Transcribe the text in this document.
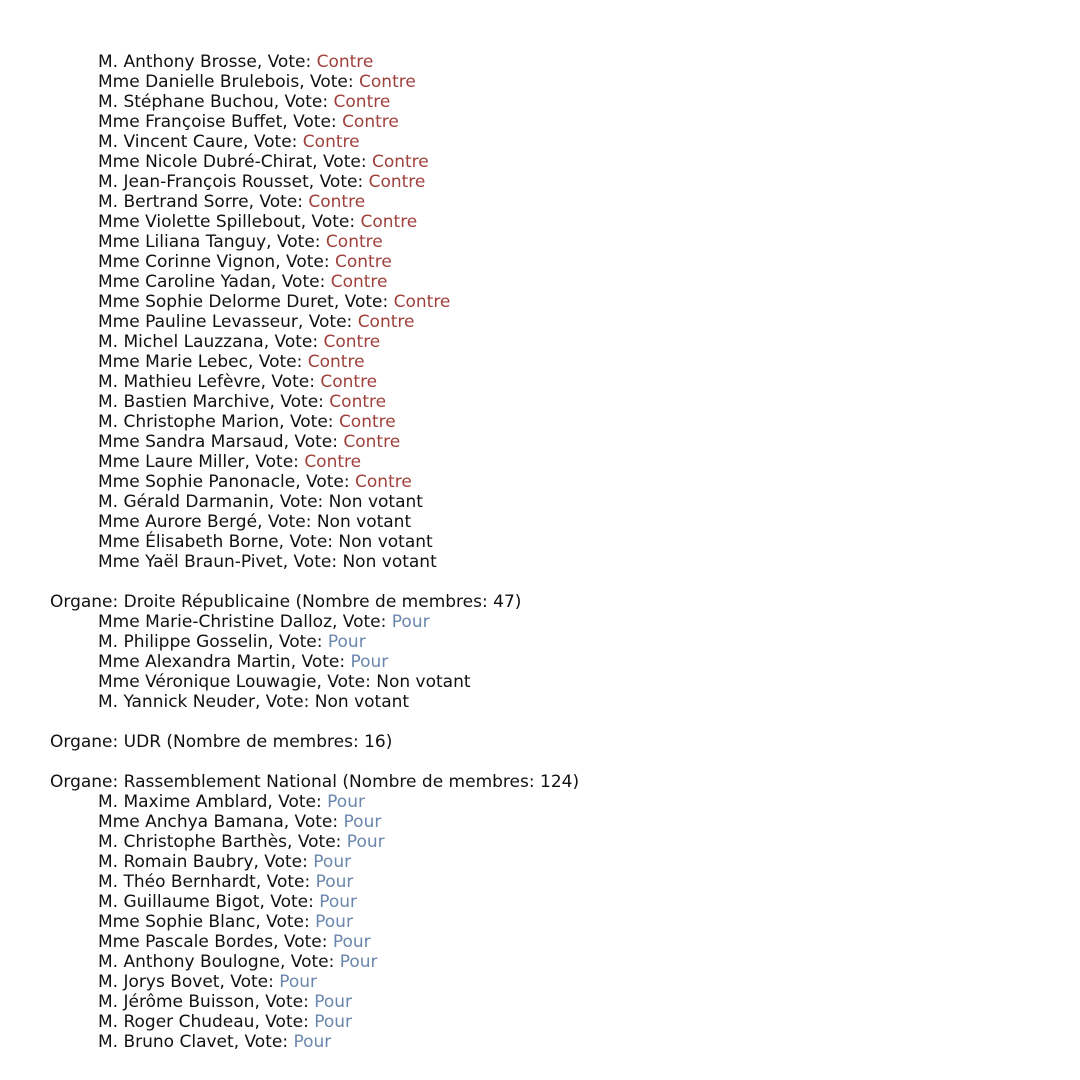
M. Anthony Brosse, Vote: Contre
Mme Danielle Brulebois, Vote: Contre
M. Stéphane Buchou, Vote: Contre
Mme Françoise Buffet, Vote: Contre
M. Vincent Caure, Vote: Contre
Mme Nicole Dubré-Chirat, Vote: Contre
M. Jean-François Rousset, Vote: Contre
M. Bertrand Sorre, Vote: Contre
Mme Violette Spillebout, Vote: Contre
Mme Liliana Tanguy, Vote: Contre
Mme Corinne Vignon, Vote: Contre
Mme Caroline Yadan, Vote: Contre
Mme Sophie Delorme Duret, Vote: Contre
Mme Pauline Levasseur, Vote: Contre
M. Michel Lauzzana, Vote: Contre
Mme Marie Lebec, Vote: Contre
M. Mathieu Lefèvre, Vote: Contre
M. Bastien Marchive, Vote: Contre
M. Christophe Marion, Vote: Contre
Mme Sandra Marsaud, Vote: Contre
Mme Laure Miller, Vote: Contre
Mme Sophie Panonacle, Vote: Contre
M. Gérald Darmanin, Vote: Non votant
Mme Aurore Bergé, Vote: Non votant
Mme Élisabeth Borne, Vote: Non votant
Mme Yaël Braun-Pivet, Vote: Non votant
Organe: Droite Républicaine (Nombre de membres: 47)
Mme Marie-Christine Dalloz, Vote: Pour
M. Philippe Gosselin, Vote: Pour
Mme Alexandra Martin, Vote: Pour
Mme Véronique Louwagie, Vote: Non votant
M. Yannick Neuder, Vote: Non votant
Organe: UDR (Nombre de membres: 16)
Organe: Rassemblement National (Nombre de membres: 124)
M. Maxime Amblard, Vote: Pour
Mme Anchya Bamana, Vote: Pour
M. Christophe Barthès, Vote: Pour
M. Romain Baubry, Vote: Pour
M. Théo Bernhardt, Vote: Pour
M. Guillaume Bigot, Vote: Pour
Mme Sophie Blanc, Vote: Pour
Mme Pascale Bordes, Vote: Pour
M. Anthony Boulogne, Vote: Pour
M. Jorys Bovet, Vote: Pour
M. Jérôme Buisson, Vote: Pour
M. Roger Chudeau, Vote: Pour
M. Bruno Clavet, Vote: Pour
